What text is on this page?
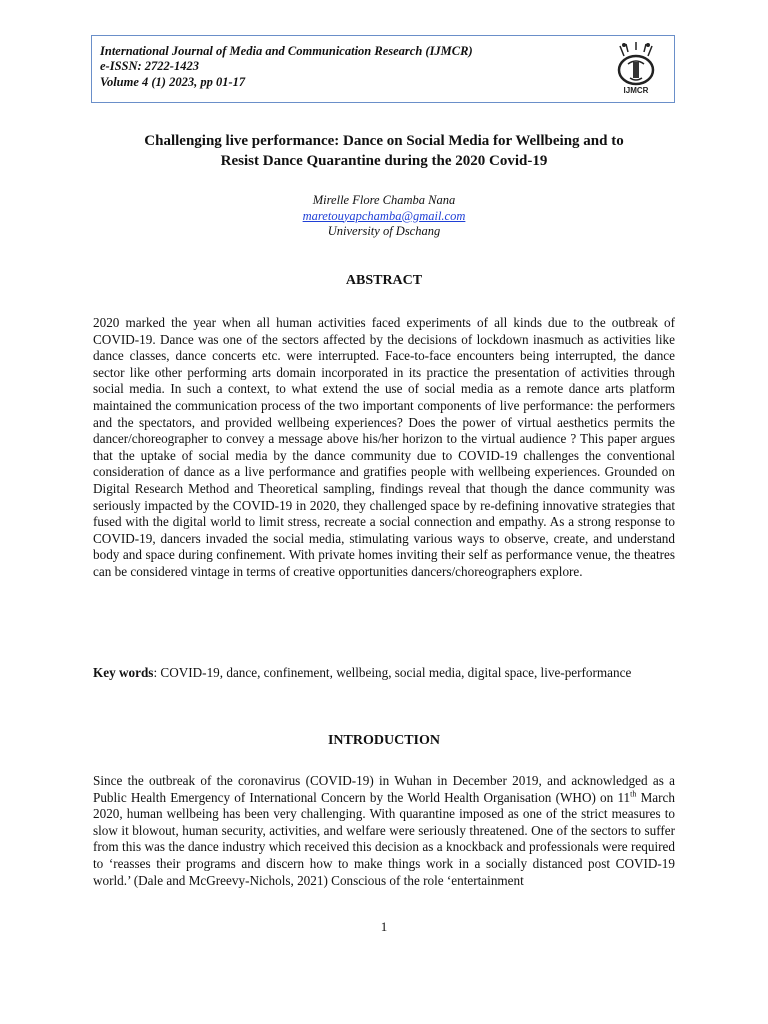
International Journal of Media and Communication Research (IJMCR)
e-ISSN: 2722-1423
Volume 4 (1) 2023, pp 01-17
IJMCR
Challenging live performance: Dance on Social Media for Wellbeing and to
Resist Dance Quarantine during the 2020 Covid-19
Mirelle Flore Chamba Nana
maretouyapchamba@gmail.com
University of Dschang
ABSTRACT

2020 marked the year when all human activities faced experiments of all kinds due to the outbreak of COVID-19. Dance was one of the sectors affected by the decisions of lockdown inasmuch as activities like dance classes, dance concerts etc. were interrupted. Face-to-face encounters being interrupted, the dance sector like other performing arts domain incorporated in its practice the presentation of activities through social media. In such a context, to what extend the use of social media as a remote dance arts platform maintained the communication process of the two important components of live performance: the performers and the spectators, and provided wellbeing experiences? Does the power of virtual aesthetics permits the dancer/choreographer to convey a message above his/her horizon to the virtual audience ? This paper argues that the uptake of social media by the dance community due to COVID-19 challenges the conventional consideration of dance as a live performance and gratifies people with wellbeing experiences. Grounded on Digital Research Method and Theoretical sampling, findings reveal that though the dance community was seriously impacted by the COVID-19 in 2020, they challenged space by re-defining innovative strategies that fused with the digital world to limit stress, recreate a social connection and empathy. As a strong response to COVID-19, dancers invaded the social media, stimulating various ways to observe, create, and understand body and space during confinement. With private homes inviting their self as performance venue, the theatres can be considered vintage in terms of creative opportunities dancers/choreographers explore.

Key words: COVID-19, dance, confinement, wellbeing, social media, digital space, live-performance

INTRODUCTION

Since the outbreak of the coronavirus (COVID-19) in Wuhan in December 2019, and acknowledged as a Public Health Emergency of International Concern by the World Health Organisation (WHO) on 11th March 2020, human wellbeing has been very challenging. With quarantine imposed as one of the strict measures to slow it blowout, human security, activities, and welfare were seriously threatened. One of the sectors to suffer from this was the dance industry which received this decision as a knockback and professionals were required to ‘reasses their programs and discern how to make things work in a socially distanced post COVID-19 world.’ (Dale and McGreevy-Nichols, 2021) Conscious of the role ‘entertainment

1
